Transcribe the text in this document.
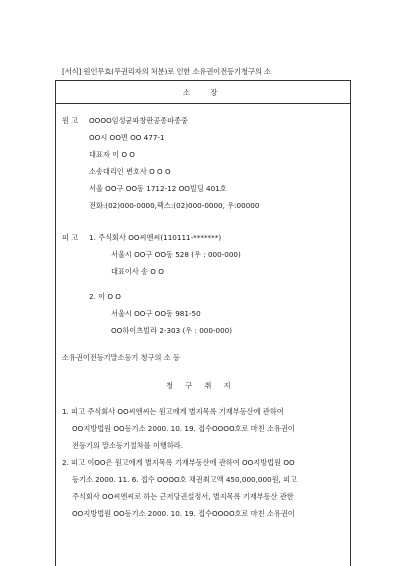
[서식] 원인무효(무권리자의 처분)로 인한 소유권이전등기청구의 소
소 장
원 고 OOOO임성균파창판공종파종중
OO시 OO면 OO 477-1
대표자 이 O O
소송대리인 변호사 O O O
서울 OO구 OO동 1712-12 OO빌딩 401호
전화:(02)000-0000,팩스:(02)000-0000, 우:00000
피 고 1. 주식회사 OO씨엔씨(110111-*******)
서울시 OO구 OO동 528 (우 : 000-000)
대표이사 송 O O
2. 이 O O
서울시 OO구 OO동 981-50
OO하이츠빌라 2-303 (우 : 000-000)
소유권이전등기말소등기 청구의 소 등
청 구 취 지
1. 피고 주식회사 OO씨엔씨는 원고에게 별지목록 기재부동산에 관하여
OO지방법원 OO등기소 2000. 10. 19. 접수OOOO호로 마친 소유권이
전등기의 말소등기절차를 이행하라.
2. 피고 이OO은 원고에게 별지목록 기재부동산에 관하여 OO지방법원 OO
등기소 2000. 11. 6. 접수 OOOO호 채권최고액 450,000,000원, 피고
주식회사 OO씨엔씨로 하는 근저당권설정서, 별지목록 기재부동산 관한
OO지방법원 OO등기소 2000. 10. 19. 접수OOOO호로 마친 소유권이
